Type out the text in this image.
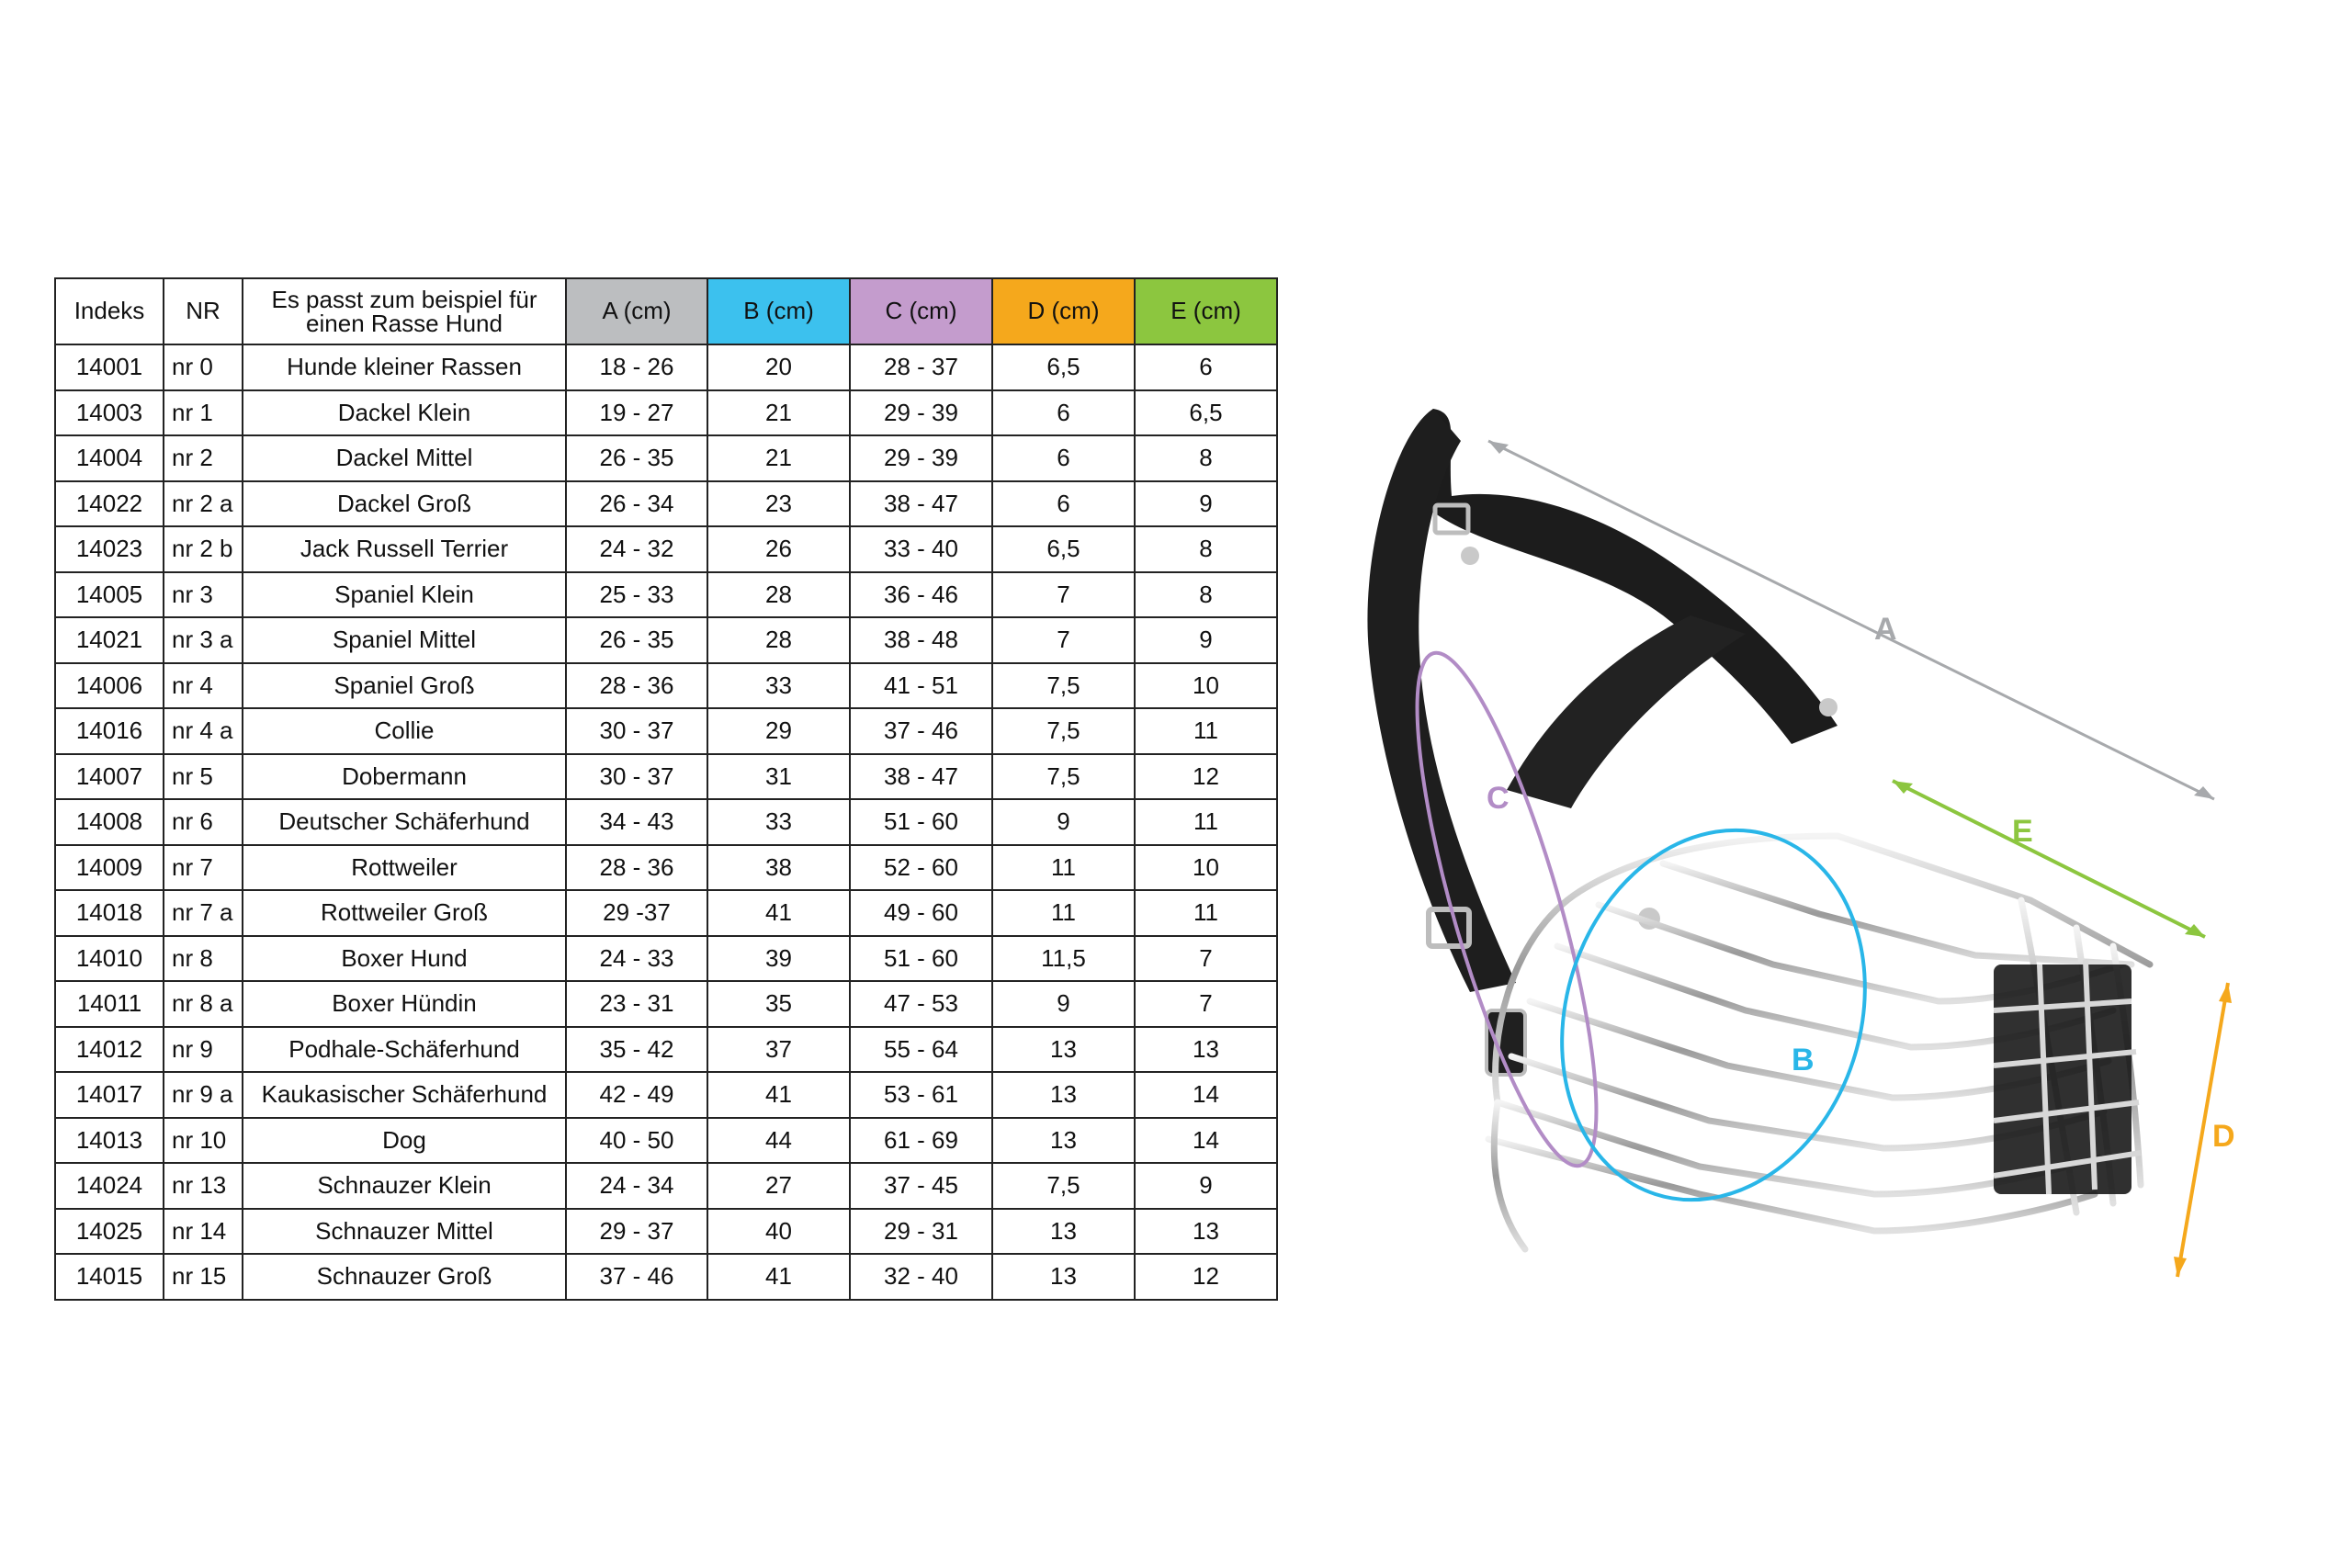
Indeks	NR	Es passt zum beispiel für einen Rasse Hund	A (cm)	B (cm)	C (cm)	D (cm)	E (cm)
14001	nr 0	Hunde kleiner Rassen	18 - 26	20	28 - 37	6,5	6
14003	nr 1	Dackel Klein	19 - 27	21	29 - 39	6	6,5
14004	nr 2	Dackel Mittel	26 - 35	21	29 - 39	6	8
14022	nr 2 a	Dackel Groß	26 - 34	23	38 - 47	6	9
14023	nr 2 b	Jack Russell Terrier	24 - 32	26	33 - 40	6,5	8
14005	nr 3	Spaniel Klein	25 - 33	28	36 - 46	7	8
14021	nr 3 a	Spaniel Mittel	26 - 35	28	38 - 48	7	9
14006	nr 4	Spaniel Groß	28 - 36	33	41 - 51	7,5	10
14016	nr 4 a	Collie	30 - 37	29	37 - 46	7,5	11
14007	nr 5	Dobermann	30 - 37	31	38 - 47	7,5	12
14008	nr 6	Deutscher Schäferhund	34 - 43	33	51 - 60	9	11
14009	nr 7	Rottweiler	28 - 36	38	52 - 60	11	10
14018	nr 7 a	Rottweiler Groß	29 -37	41	49 - 60	11	11
14010	nr 8	Boxer Hund	24 - 33	39	51 - 60	11,5	7
14011	nr 8 a	Boxer Hündin	23 - 31	35	47 - 53	9	7
14012	nr 9	Podhale-Schäferhund	35 - 42	37	55 - 64	13	13
14017	nr 9 a	Kaukasischer Schäferhund	42 - 49	41	53 - 61	13	14
14013	nr 10	Dog	40 - 50	44	61 - 69	13	14
14024	nr 13	Schnauzer Klein	24 - 34	27	37 - 45	7,5	9
14025	nr 14	Schnauzer Mittel	29 - 37	40	29 - 31	13	13
14015	nr 15	Schnauzer Groß	37 - 46	41	32 - 40	13	12
A
E
D
C
B
